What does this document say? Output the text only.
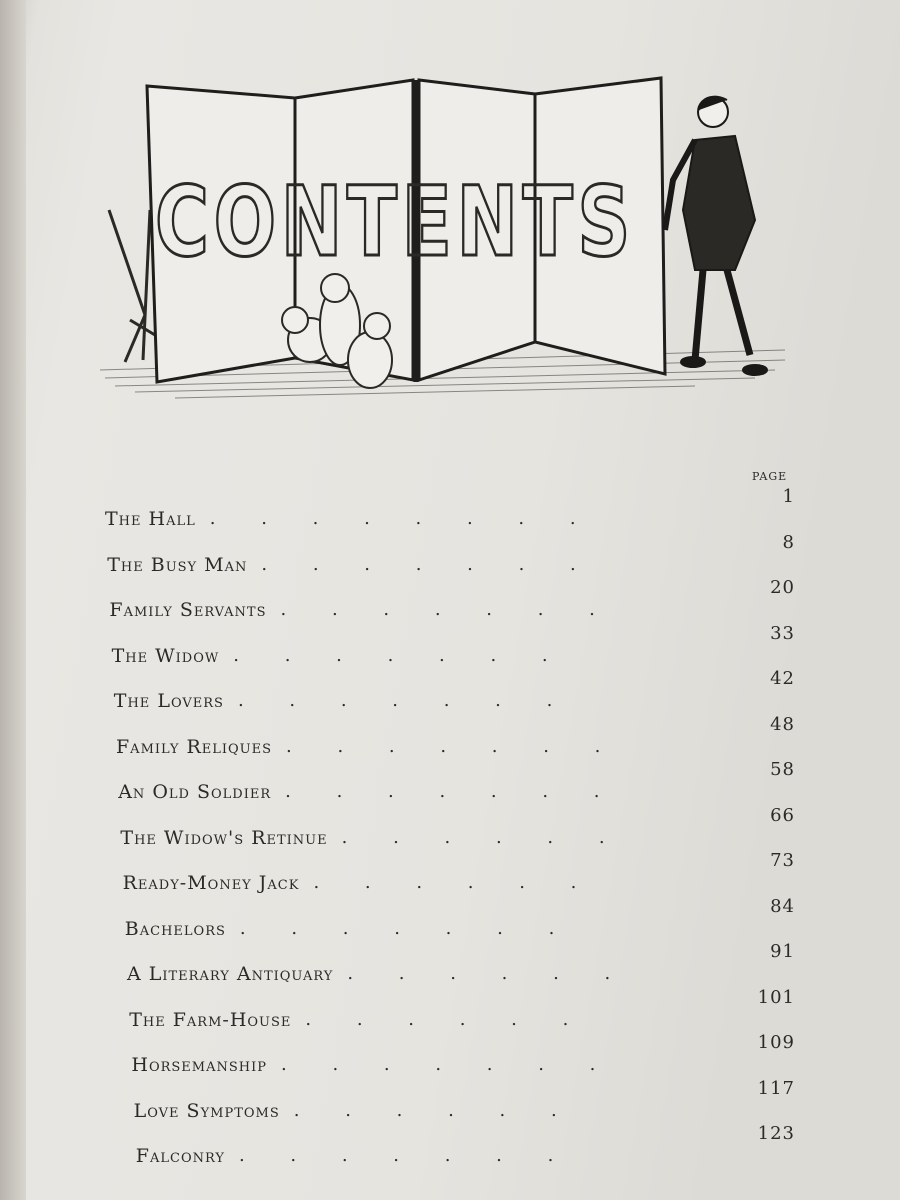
CONTENTS
PAGE
The Hall . . . . . . . .
1
The Busy Man . . . . . . .
8
Family Servants . . . . . . .
20
The Widow . . . . . . .
33
The Lovers . . . . . . .
42
Family Reliques . . . . . . .
48
An Old Soldier . . . . . . .
58
The Widow's Retinue . . . . . .
66
Ready-Money Jack . . . . . .
73
Bachelors . . . . . . .
84
A Literary Antiquary . . . . . .
91
The Farm-House . . . . . .
101
Horsemanship . . . . . . .
109
Love Symptoms . . . . . .
117
Falconry . . . . . . .
123
